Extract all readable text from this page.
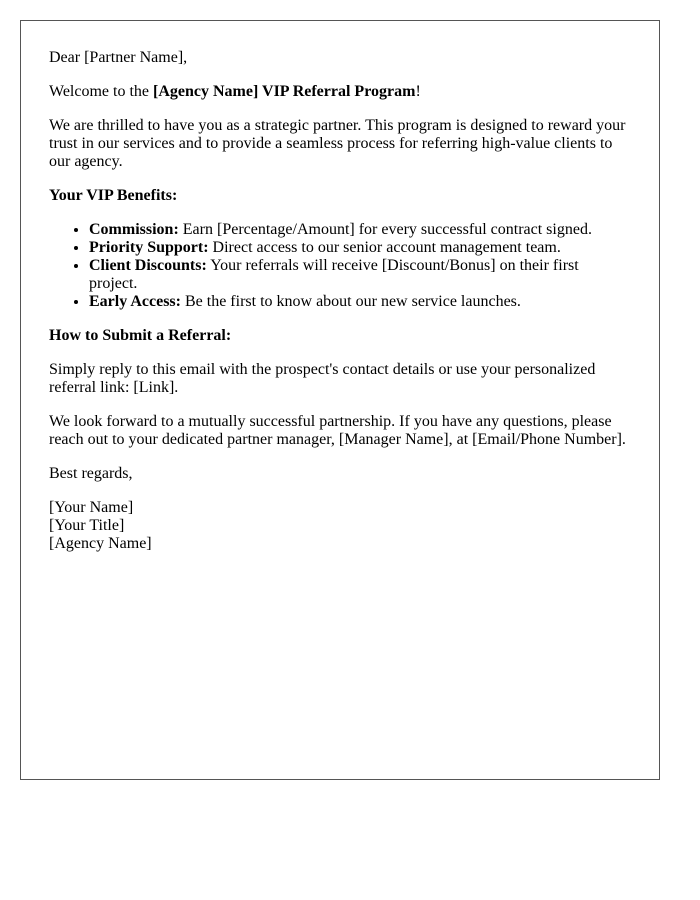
Dear [Partner Name],

Welcome to the [Agency Name] VIP Referral Program!

We are thrilled to have you as a strategic partner. This program is designed to reward your trust in our services and to provide a seamless process for referring high-value clients to our agency.

Your VIP Benefits:

• Commission: Earn [Percentage/Amount] for every successful contract signed.
• Priority Support: Direct access to our senior account management team.
• Client Discounts: Your referrals will receive [Discount/Bonus] on their first project.
• Early Access: Be the first to know about our new service launches.

How to Submit a Referral:

Simply reply to this email with the prospect's contact details or use your personalized referral link: [Link].

We look forward to a mutually successful partnership. If you have any questions, please reach out to your dedicated partner manager, [Manager Name], at [Email/Phone Number].

Best regards,

[Your Name]
[Your Title]
[Agency Name]
